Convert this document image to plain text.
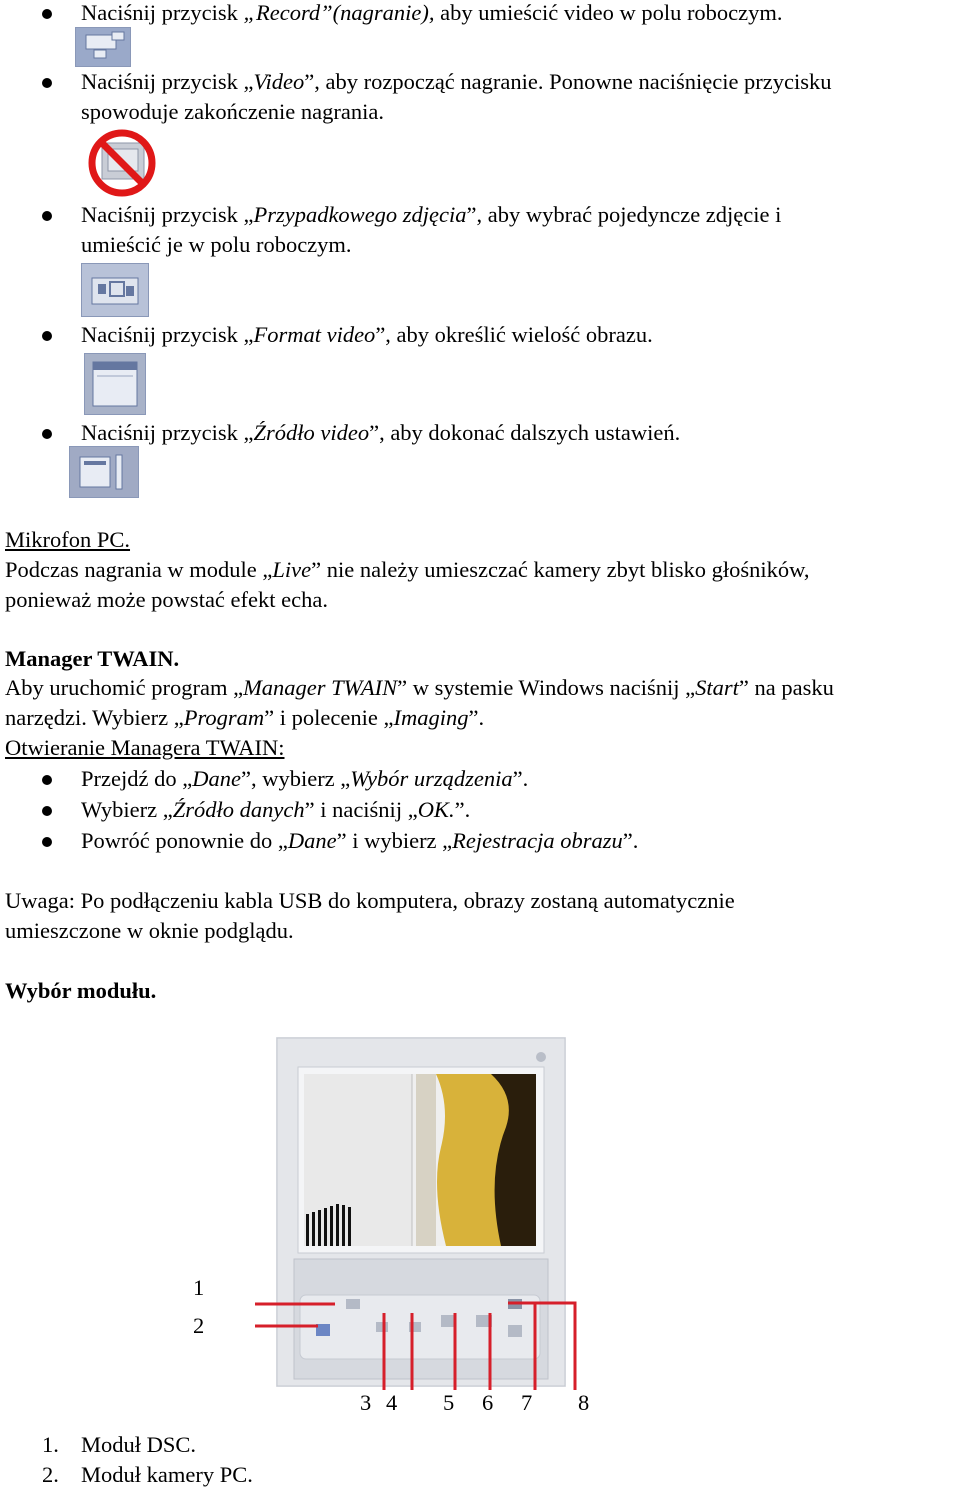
Naciśnij przycisk „Record”(nagranie), aby umieścić video w polu roboczym.
Naciśnij przycisk „Video”, aby rozpocząć nagranie. Ponowne naciśnięcie przycisku
spowoduje zakończenie nagrania.
Naciśnij przycisk „Przypadkowego zdjęcia”, aby wybrać pojedyncze zdjęcie i
umieścić je w polu roboczym.
Naciśnij przycisk „Format video”, aby określić wielość obrazu.
Naciśnij przycisk „Źródło video”, aby dokonać dalszych ustawień.
Mikrofon PC.
Podczas nagrania w module „Live” nie należy umieszczać kamery zbyt blisko głośników,
ponieważ może powstać efekt echa.
Manager TWAIN.
Aby uruchomić program „Manager TWAIN” w systemie Windows naciśnij „Start” na pasku
narzędzi. Wybierz „Program” i polecenie „Imaging”.
Otwieranie Managera TWAIN:
Przejdź do „Dane”, wybierz „Wybór urządzenia”.
Wybierz „Źródło danych” i naciśnij „OK.”.
Powróć ponownie do „Dane” i wybierz „Rejestracja obrazu”.
Uwaga: Po podłączeniu kabla USB do komputera, obrazy zostaną automatycznie
umieszczone w oknie podglądu.
Wybór modułu.
1
2
3 4 5 6 7 8
1. Moduł DSC.
2. Moduł kamery PC.
